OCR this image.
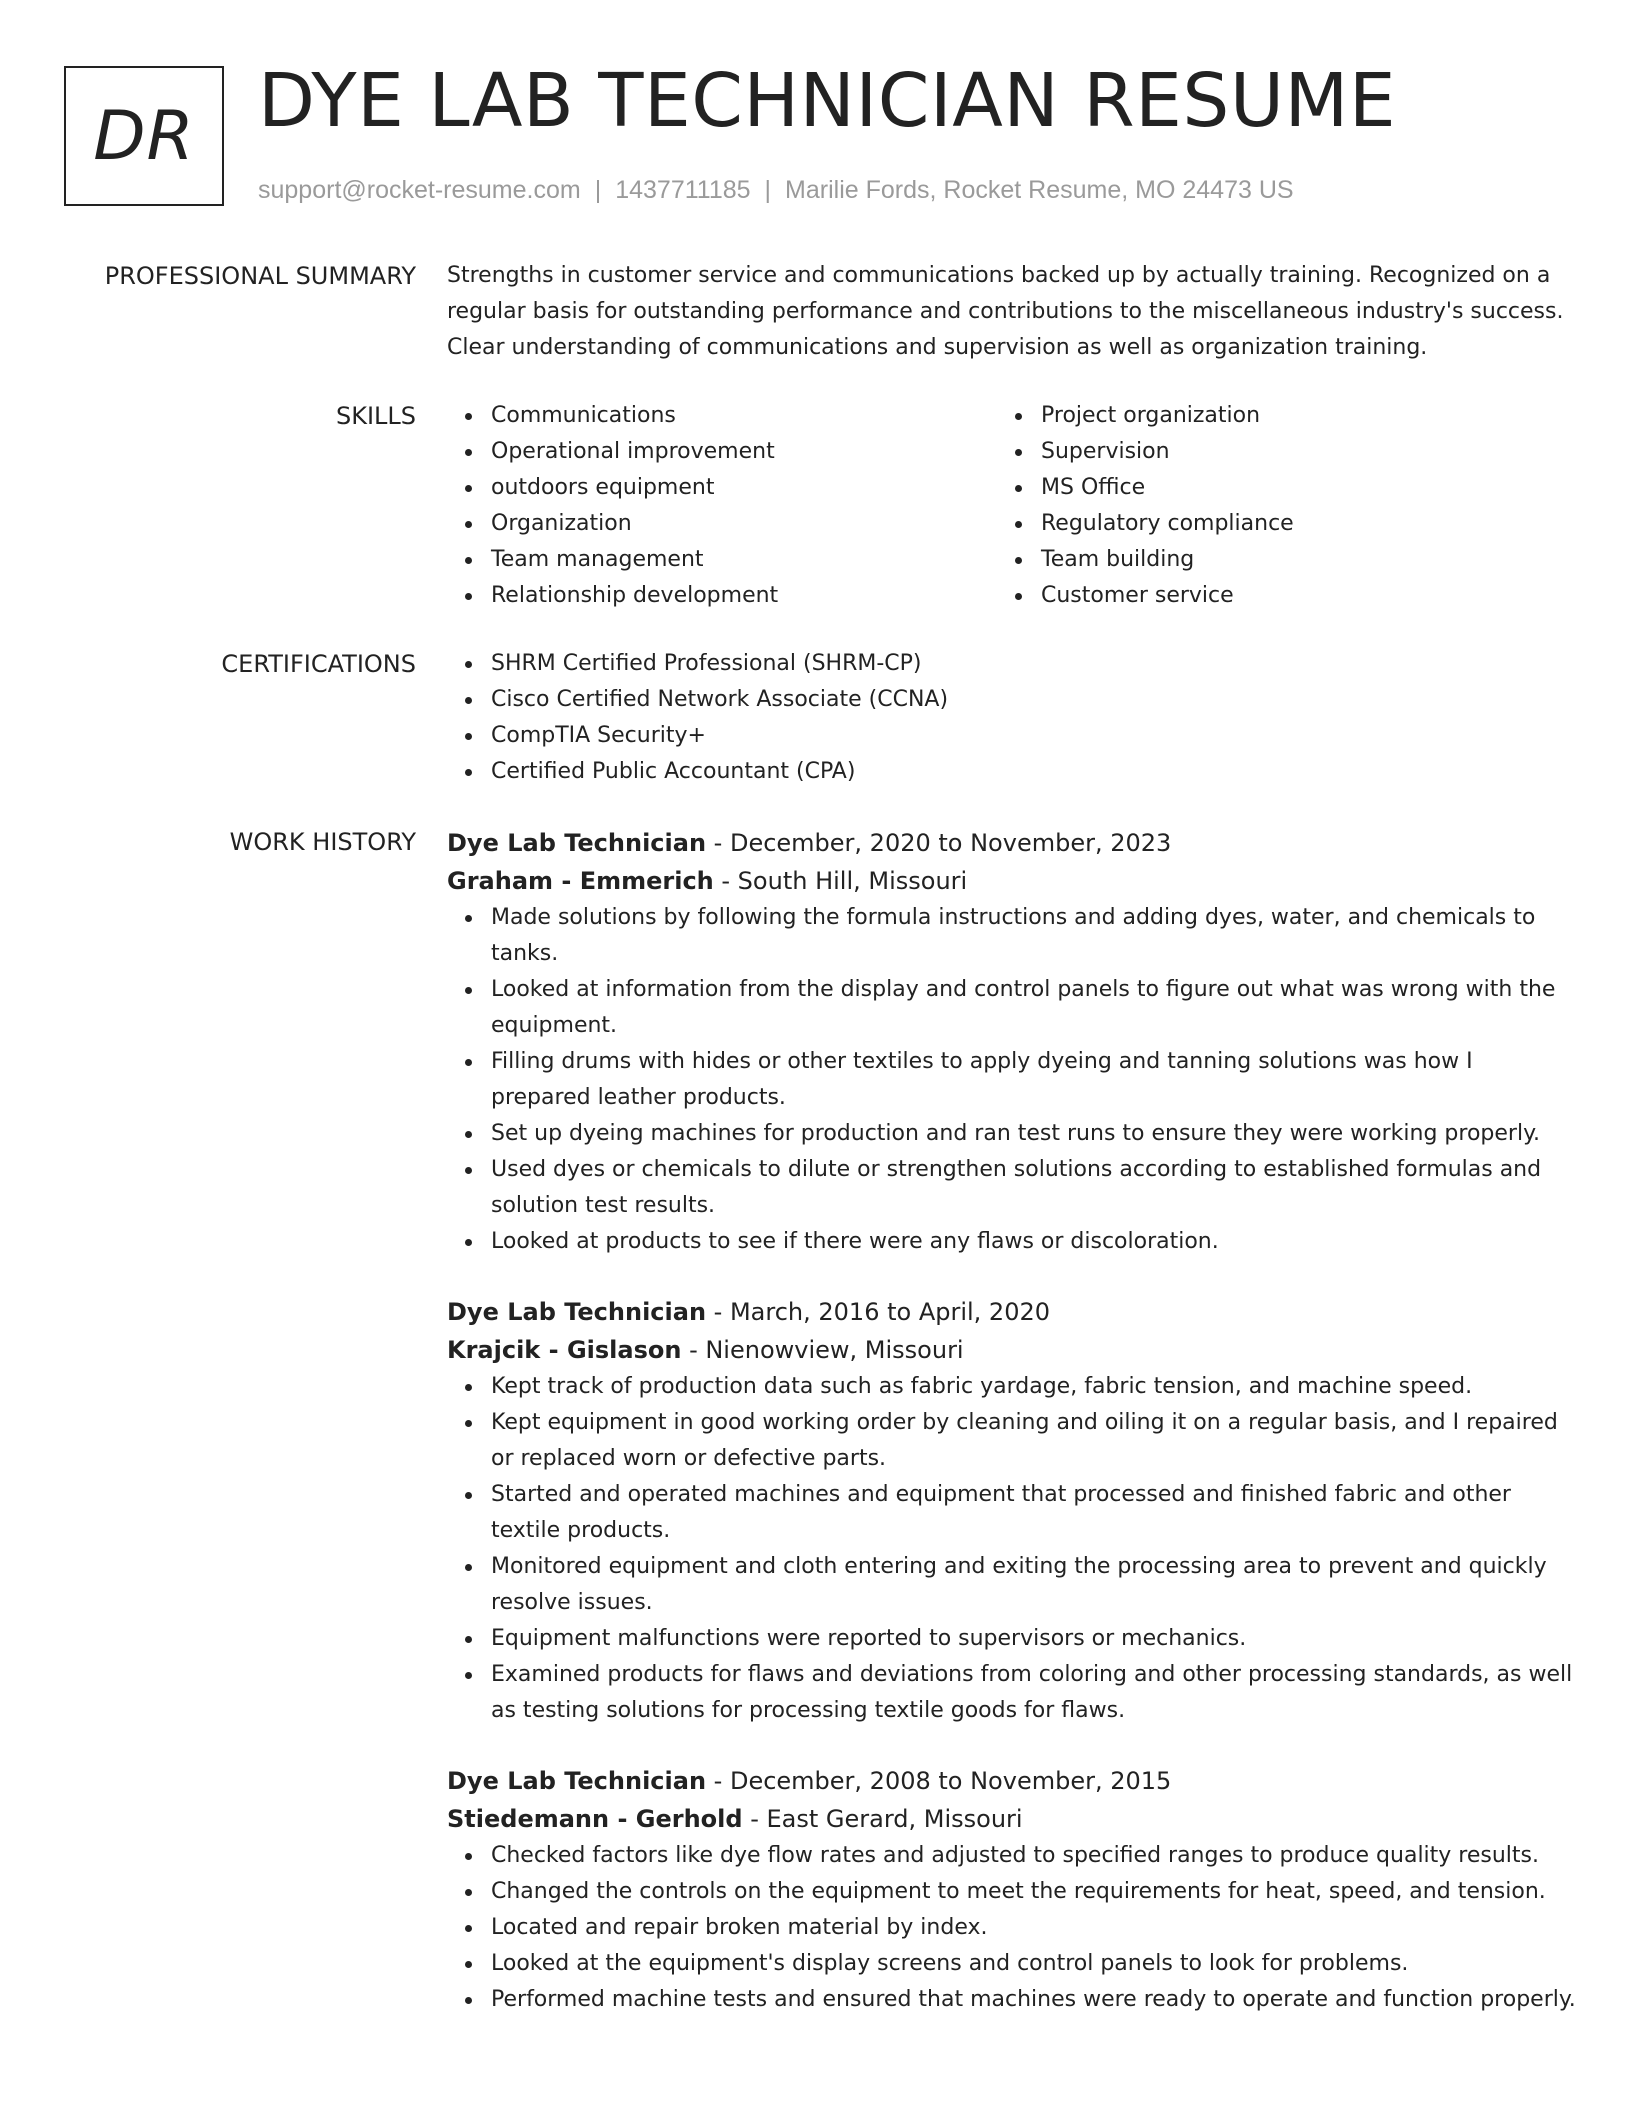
DR DYE LAB TECHNICIAN RESUME
support@rocket-resume.com | 1437711185 | Marilie Fords, Rocket Resume, MO 24473 US
PROFESSIONAL SUMMARY Strengths in customer service and communications backed up by actually training. Recognized on a regular basis for outstanding performance and contributions to the miscellaneous industry's success. Clear understanding of communications and supervision as well as organization training.

SKILLS	Communications
Operational improvement
outdoors equipment
Organization
Team management
Relationship development
Project organization
Supervision
MS Office
Regulatory compliance
Team building
Customer service
CERTIFICATIONS	SHRM Certified Professional (SHRM-CP)
Cisco Certified Network Associate (CCNA)
CompTIA Security+
Certified Public Accountant (CPA)
WORK HISTORY Dye Lab Technician - December, 2020 to November, 2023
Graham - Emmerich - South Hill, Missouri
Made solutions by following the formula instructions and adding dyes, water, and chemicals to tanks.
Looked at information from the display and control panels to figure out what was wrong with the equipment.
Filling drums with hides or other textiles to apply dyeing and tanning solutions was how I prepared leather products.
Set up dyeing machines for production and ran test runs to ensure they were working properly.
Used dyes or chemicals to dilute or strengthen solutions according to established formulas and solution test results.
Looked at products to see if there were any flaws or discoloration.
Dye Lab Technician - March, 2016 to April, 2020
Krajcik - Gislason - Nienowview, Missouri
Kept track of production data such as fabric yardage, fabric tension, and machine speed.
Kept equipment in good working order by cleaning and oiling it on a regular basis, and I repaired or replaced worn or defective parts.
Started and operated machines and equipment that processed and finished fabric and other textile products.
Monitored equipment and cloth entering and exiting the processing area to prevent and quickly resolve issues.
Equipment malfunctions were reported to supervisors or mechanics.
Examined products for flaws and deviations from coloring and other processing standards, as well as testing solutions for processing textile goods for flaws.
Dye Lab Technician - December, 2008 to November, 2015
Stiedemann - Gerhold - East Gerard, Missouri
Checked factors like dye flow rates and adjusted to specified ranges to produce quality results.
Changed the controls on the equipment to meet the requirements for heat, speed, and tension.
Located and repair broken material by index.
Looked at the equipment's display screens and control panels to look for problems.
Performed machine tests and ensured that machines were ready to operate and function properly.
